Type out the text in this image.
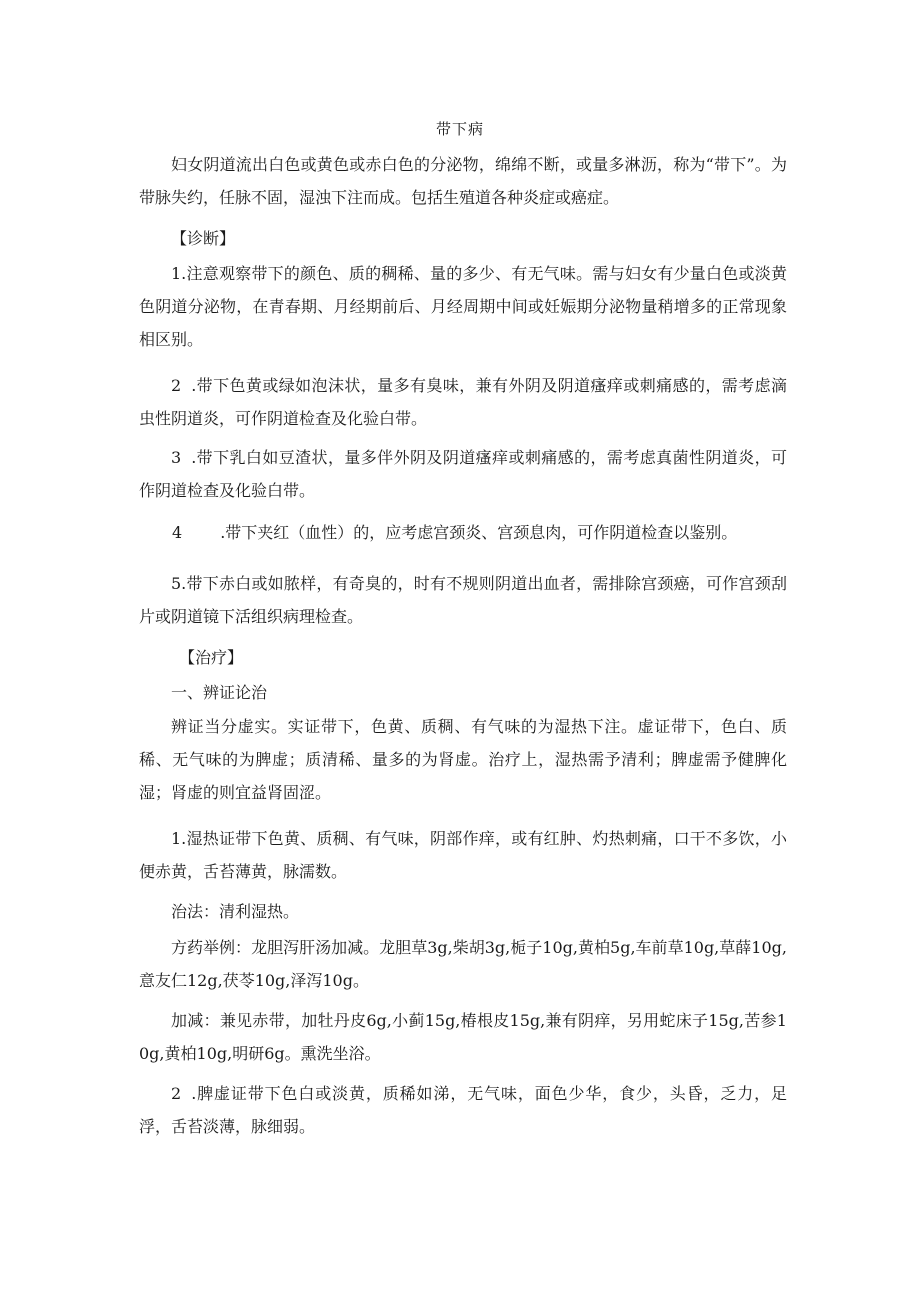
带下病
妇女阴道流出白色或黄色或赤白色的分泌物，绵绵不断，或量多淋沥，称为“带下”。为带脉失约，任脉不固，湿浊下注而成。包括生殖道各种炎症或癌症。
【诊断】
1.注意观察带下的颜色、质的稠稀、量的多少、有无气味。需与妇女有少量白色或淡黄色阴道分泌物，在青春期、月经期前后、月经周期中间或妊娠期分泌物量稍增多的正常现象相区别。
2 .带下色黄或绿如泡沫状，量多有臭味，兼有外阴及阴道瘙痒或刺痛感的，需考虑滴虫性阴道炎，可作阴道检查及化验白带。
3 .带下乳白如豆渣状，量多伴外阴及阴道瘙痒或刺痛感的，需考虑真菌性阴道炎，可作阴道检查及化验白带。
4 .带下夹红（血性）的，应考虑宫颈炎、宫颈息肉，可作阴道检查以鉴别。
5.带下赤白或如脓样，有奇臭的，时有不规则阴道出血者，需排除宫颈癌，可作宫颈刮片或阴道镜下活组织病理检查。
【治疗】
一、辨证论治
辨证当分虚实。实证带下，色黄、质稠、有气味的为湿热下注。虚证带下，色白、质稀、无气味的为脾虚；质清稀、量多的为肾虚。治疗上，湿热需予清利；脾虚需予健脾化湿；肾虚的则宜益肾固涩。
1.湿热证带下色黄、质稠、有气味，阴部作痒，或有红肿、灼热刺痛，口干不多饮，小便赤黄，舌苔薄黄，脉濡数。
治法：清利湿热。
方药举例：龙胆泻肝汤加减。龙胆草3g,柴胡3g,栀子10g,黄柏5g,车前草10g,草薛10g,意友仁12g,茯苓10g,泽泻10g。
加减：兼见赤带，加牡丹皮6g,小蓟15g,椿根皮15g,兼有阴痒，另用蛇床子15g,苦参10g,黄柏10g,明研6g。熏洗坐浴。
2 .脾虚证带下色白或淡黄，质稀如涕，无气味，面色少华，食少，头昏，乏力，足浮，舌苔淡薄，脉细弱。
